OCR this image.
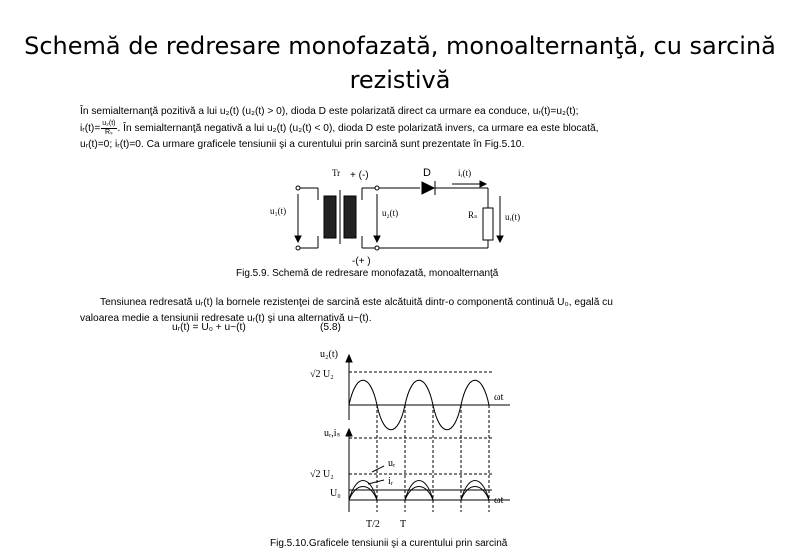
Schemă de redresare monofazată, monoalternanţă, cu sarcină
rezistivă
În semialternanţă pozitivă a lui u₂(t) (u₂(t) > 0), dioda D este polarizată direct ca urmare ea conduce, uᵣ(t)=u₂(t);
iᵣ(t)= $\frac{\text{u₂(t)}}{\text{Rₛ}}$. În semialternanţă negativă a lui u₂(t) (u₂(t) < 0), dioda D este polarizată invers, ca urmare ea este blocată,
uᵣ(t)=0; iᵣ(t)=0. Ca urmare graficele tensiunii şi a curentului prin sarcină sunt prezentate în Fig.5.10.
Tr + (-)	D	iᵣ(t)
u₁(t)	u₂(t)	Rₛ	uᵣ(t)
-(+ )
Fig.5.9. Schemă de redresare monofazată, monoalternanţă
Tensiunea redresată uᵣ(t) la bornele rezistenţei de sarcină este alcătuită dintr-o componentă continuă U₀, egală cu
valoarea medie a tensiunii redresate uᵣ(t) şi una alternativă u~(t).
uᵣ(t) = U₀ + u~(t)	(5.8)
u₂(t)
√2 U₂
ωt
uᵣ,iₛ
√2 U₂
uᵣ
iᵣ
U₀
ωt
T/2 T
Fig.5.10.Graficele tensiunii şi a curentului prin sarcină
